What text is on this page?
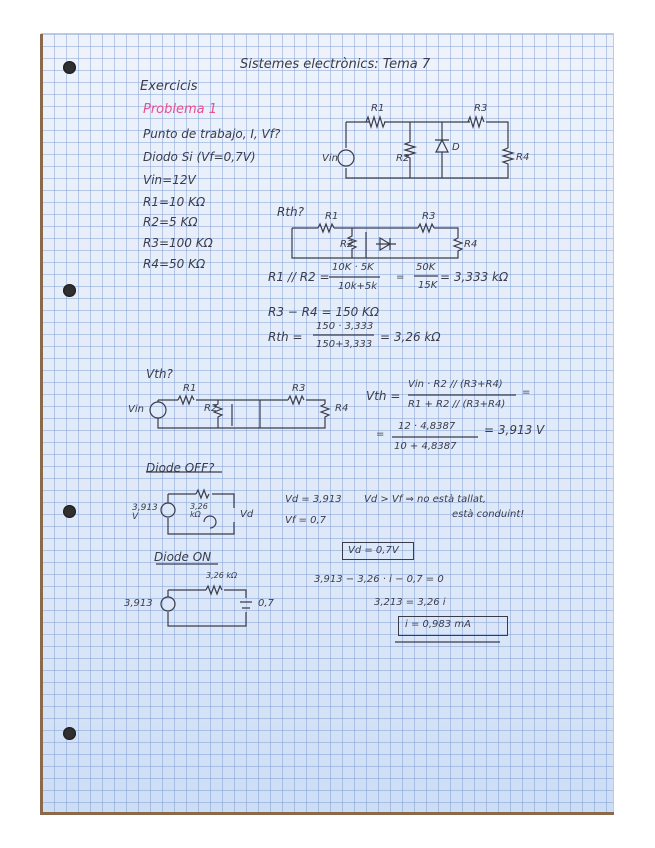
Sistemes electrònics: Tema 7
Exercicis
Problema 1
Punto de trabajo, I, Vf?
Diodo Si (Vf=0,7V)
Vin=12V
R1=10 KΩ
R2=5 KΩ
R3=100 KΩ
R4=50 KΩ
R1	R3
R2
D
R4
Vin
Rth? R1	R3
R2	R4
R1 // R2 =
10K · 5K
10k+5k
=
50K
15K
= 3,333 kΩ
R3 − R4 = 150 KΩ
Rth =
150 · 3,333
150+3,333
= 3,26 kΩ
Vth?
R1	R3
R2	R4
Vin
Vth =
Vin · R2 // (R3+R4)
R1 + R2 // (R3+R4)
=
=
12 · 4,8387
10 + 4,8387
= 3,913 V
Diode OFF?
3,913 V
3,26 kΩ	Vd
Vd = 3,913
Vf = 0,7
Vd > Vf ⇒ no està tallat,
està conduint!
Diode ON	Vd = 0,7V
3,26 kΩ
3,913	0,7
3,913 − 3,26 · i − 0,7 = 0
3,213 = 3,26 i
i = 0,983 mA
